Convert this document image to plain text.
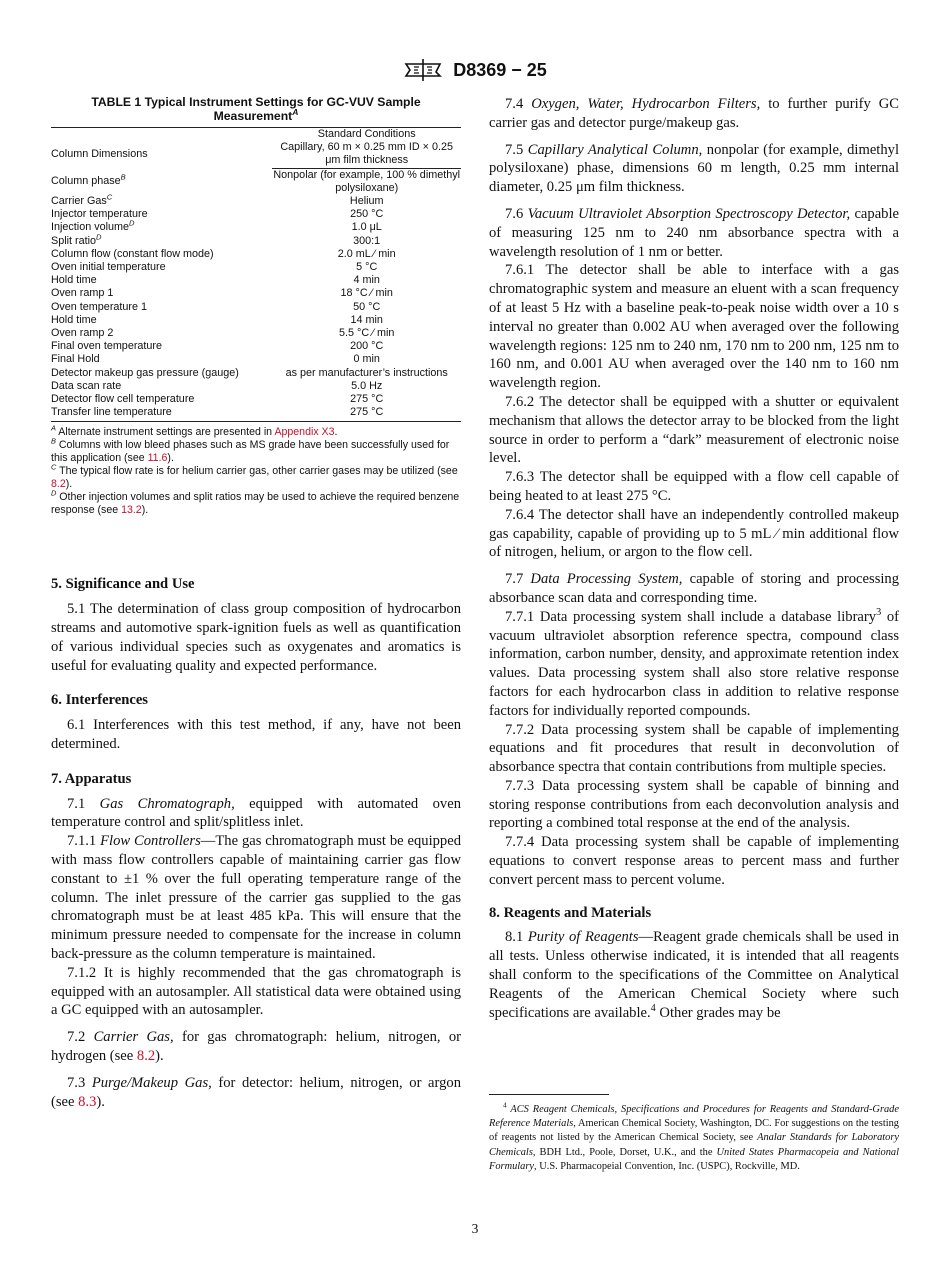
D8369 − 25
TABLE 1 Typical Instrument Settings for GC-VUV Sample Measurement$^A$
	Standard Conditions
Column Dimensions	Capillary, 60 m × 0.25 mm ID × 0.25 μm film thickness
Column phase$^B$	Nonpolar (for example, 100 % dimethyl polysiloxane)
Carrier Gas$^C$	Helium
Injector temperature	250 °C
Injection volume$^D$	1.0 μL
Split ratio$^D$	300:1
Column flow (constant flow mode)	2.0 mL ⁄ min
Oven initial temperature	5 °C
Hold time	4 min
Oven ramp 1	18 °C ⁄ min
Oven temperature 1	50 °C
Hold time	14 min
Oven ramp 2	5.5 °C ⁄ min
Final oven temperature	200 °C
Final Hold	0 min
Detector makeup gas pressure (gauge)	as per manufacturer’s instructions
Data scan rate	5.0 Hz
Detector flow cell temperature	275 °C
Transfer line temperature	275 °C
$^A$ Alternate instrument settings are presented in Appendix X3.
$^B$ Columns with low bleed phases such as MS grade have been successfully used for this application (see 11.6).
$^C$ The typical flow rate is for helium carrier gas, other carrier gases may be utilized (see 8.2).
$^D$ Other injection volumes and split ratios may be used to achieve the required benzene response (see 13.2).
5. Significance and Use
5.1 The determination of class group composition of hydrocarbon streams and automotive spark-ignition fuels as well as quantification of various individual species such as oxygenates and aromatics is useful for evaluating quality and expected performance.
6. Interferences
6.1 Interferences with this test method, if any, have not been determined.
7. Apparatus
7.1 Gas Chromatograph, equipped with automated oven temperature control and split/splitless inlet.
7.1.1 Flow Controllers—The gas chromatograph must be equipped with mass flow controllers capable of maintaining carrier gas flow constant to ±1 % over the full operating temperature range of the column. The inlet pressure of the carrier gas supplied to the gas chromatograph must be at least 485 kPa. This will ensure that the minimum pressure needed to compensate for the increase in column back-pressure as the column temperature is maintained.
7.1.2 It is highly recommended that the gas chromatograph is equipped with an autosampler. All statistical data were obtained using a GC equipped with an autosampler.
7.2 Carrier Gas, for gas chromatograph: helium, nitrogen, or hydrogen (see 8.2).
7.3 Purge/Makeup Gas, for detector: helium, nitrogen, or argon (see 8.3).
7.4 Oxygen, Water, Hydrocarbon Filters, to further purify GC carrier gas and detector purge/makeup gas.
7.5 Capillary Analytical Column, nonpolar (for example, dimethyl polysiloxane) phase, dimensions 60 m length, 0.25 mm internal diameter, 0.25 μm film thickness.
7.6 Vacuum Ultraviolet Absorption Spectroscopy Detector, capable of measuring 125 nm to 240 nm absorbance spectra with a wavelength resolution of 1 nm or better.
7.6.1 The detector shall be able to interface with a gas chromatographic system and measure an eluent with a scan frequency of at least 5 Hz with a baseline peak-to-peak noise width over a 10 s interval no greater than 0.002 AU when averaged over the following wavelength regions: 125 nm to 240 nm, 170 nm to 200 nm, 125 nm to 160 nm, and 0.001 AU when averaged over the 140 nm to 160 nm wavelength region.
7.6.2 The detector shall be equipped with a shutter or equivalent mechanism that allows the detector array to be blocked from the light source in order to perform a “dark” measurement of electronic noise level.
7.6.3 The detector shall be equipped with a flow cell capable of being heated to at least 275 °C.
7.6.4 The detector shall have an independently controlled makeup gas capability, capable of providing up to 5 mL ⁄ min additional flow of nitrogen, helium, or argon to the flow cell.
7.7 Data Processing System, capable of storing and processing absorbance scan data and corresponding time.
7.7.1 Data processing system shall include a database library$^3$ of vacuum ultraviolet absorption reference spectra, compound class information, carbon number, density, and approximate retention index values. Data processing system shall also store relative response factors for each hydrocarbon class in addition to relative response factors for individually reported compounds.
7.7.2 Data processing system shall be capable of implementing equations and fit procedures that result in deconvolution of absorbance spectra that contain contributions from multiple species.
7.7.3 Data processing system shall be capable of binning and storing response contributions from each deconvolution analysis and reporting a combined total response at the end of the analysis.
7.7.4 Data processing system shall be capable of implementing equations to convert response areas to percent mass and further convert percent mass to percent volume.
8. Reagents and Materials
8.1 Purity of Reagents—Reagent grade chemicals shall be used in all tests. Unless otherwise indicated, it is intended that all reagents shall conform to the specifications of the Committee on Analytical Reagents of the American Chemical Society where such specifications are available.$^4$ Other grades may be
$^4$ ACS Reagent Chemicals, Specifications and Procedures for Reagents and Standard-Grade Reference Materials, American Chemical Society, Washington, DC. For suggestions on the testing of reagents not listed by the American Chemical Society, see Analar Standards for Laboratory Chemicals, BDH Ltd., Poole, Dorset, U.K., and the United States Pharmacopeia and National Formulary, U.S. Pharmacopeial Convention, Inc. (USPC), Rockville, MD.
3
